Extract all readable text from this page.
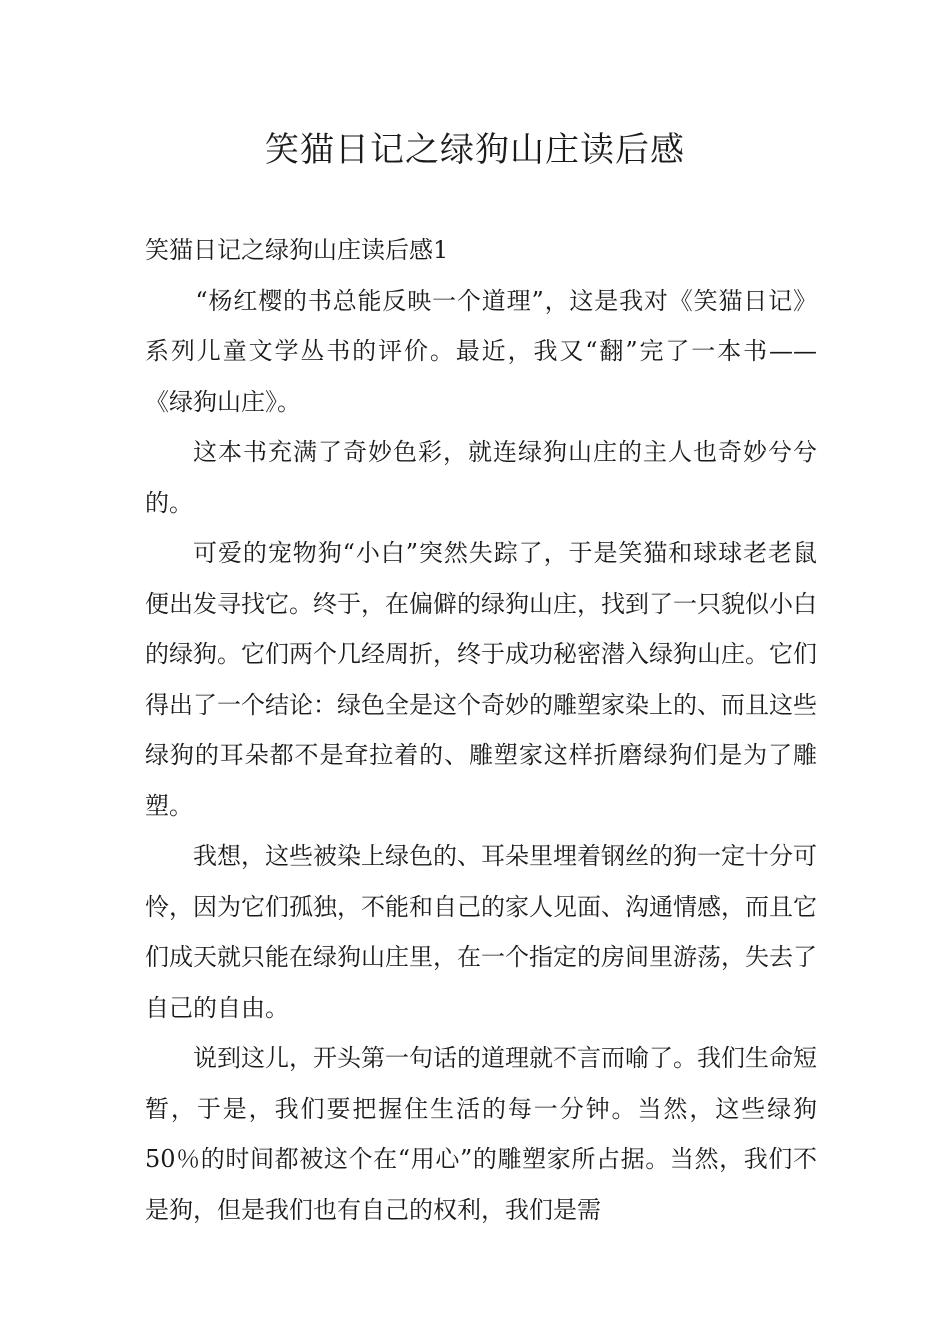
笑猫日记之绿狗山庄读后感

笑猫日记之绿狗山庄读后感1

“杨红樱的书总能反映一个道理”，这是我对《笑猫日记》系列儿童文学丛书的评价。最近，我又“翻”完了一本书——《绿狗山庄》。

这本书充满了奇妙色彩，就连绿狗山庄的主人也奇妙兮兮的。

可爱的宠物狗“小白”突然失踪了，于是笑猫和球球老老鼠便出发寻找它。终于，在偏僻的绿狗山庄，找到了一只貌似小白的绿狗。它们两个几经周折，终于成功秘密潜入绿狗山庄。它们得出了一个结论：绿色全是这个奇妙的雕塑家染上的、而且这些绿狗的耳朵都不是耷拉着的、雕塑家这样折磨绿狗们是为了雕塑。

我想，这些被染上绿色的、耳朵里埋着钢丝的狗一定十分可怜，因为它们孤独，不能和自己的家人见面、沟通情感，而且它们成天就只能在绿狗山庄里，在一个指定的房间里游荡，失去了自己的自由。

说到这儿，开头第一句话的道理就不言而喻了。我们生命短暂，于是，我们要把握住生活的每一分钟。当然，这些绿狗50％的时间都被这个在“用心”的雕塑家所占据。当然，我们不是狗，但是我们也有自己的权利，我们是需
